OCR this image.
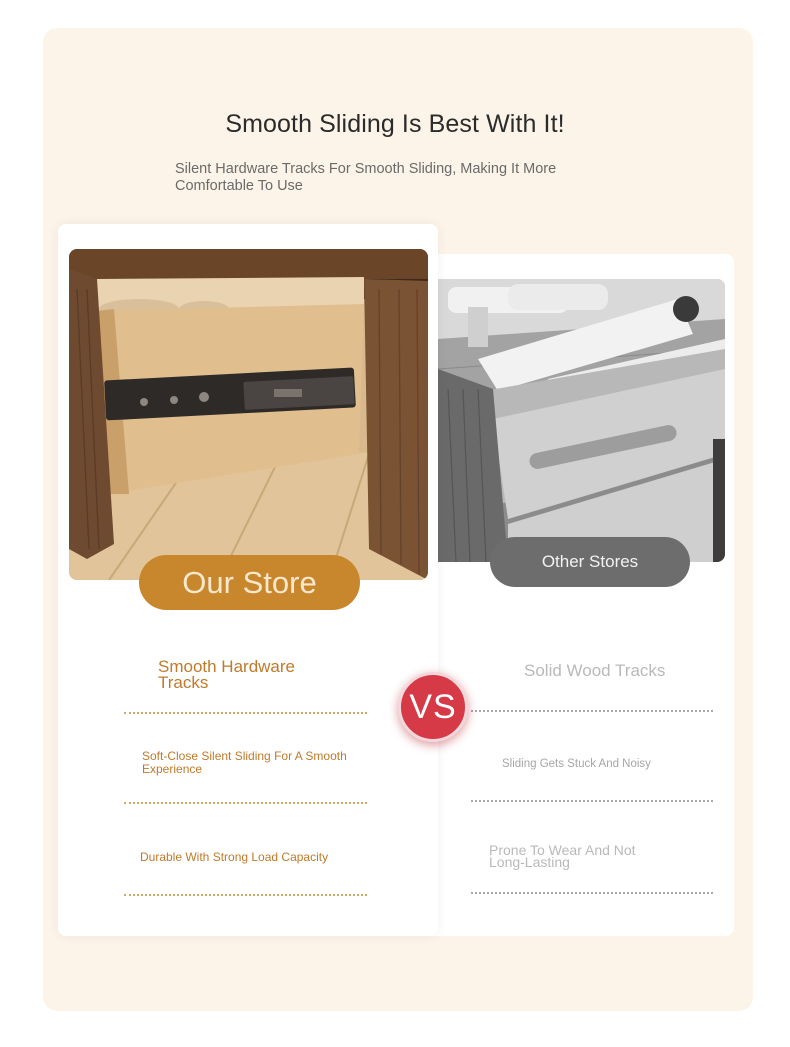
Smooth Sliding Is Best With It!
Silent Hardware Tracks For Smooth Sliding, Making It More Comfortable To Use
Our Store
Other Stores
Smooth Hardware Tracks
Soft-Close Silent Sliding For A Smooth Experience
Durable With Strong Load Capacity
Solid Wood Tracks
Sliding Gets Stuck And Noisy
Prone To Wear And Not Long-Lasting
VS
